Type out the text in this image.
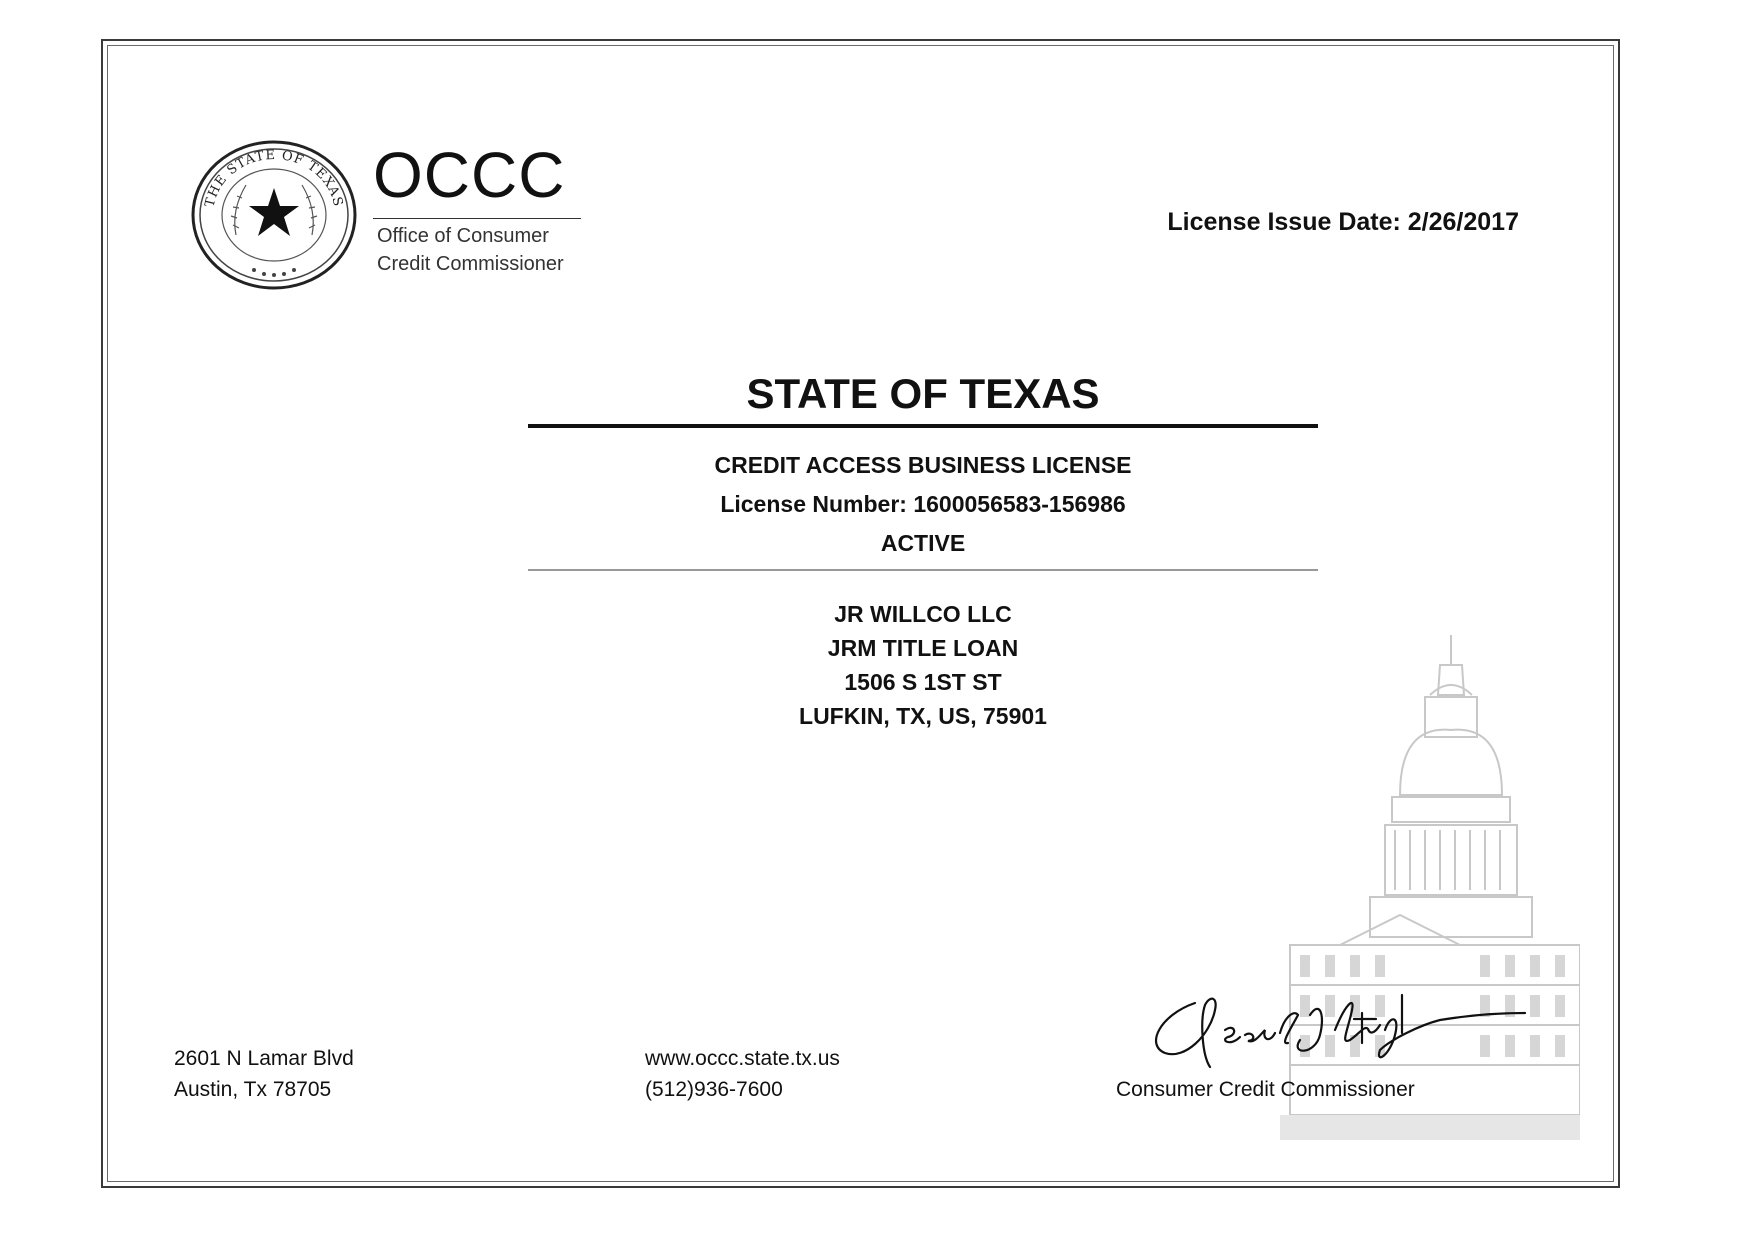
THE STATE OF TEXAS OCCC
Office of Consumer
Credit Commissioner
License Issue Date: 2/26/2017
STATE OF TEXAS
CREDIT ACCESS BUSINESS LICENSE
License Number: 1600056583-156986
ACTIVE
JR WILLCO LLC
JRM TITLE LOAN
1506 S 1ST ST
LUFKIN, TX, US, 75901
2601 N Lamar Blvd
Austin, Tx 78705
www.occc.state.tx.us
(512)936-7600	Consumer Credit Commissioner
